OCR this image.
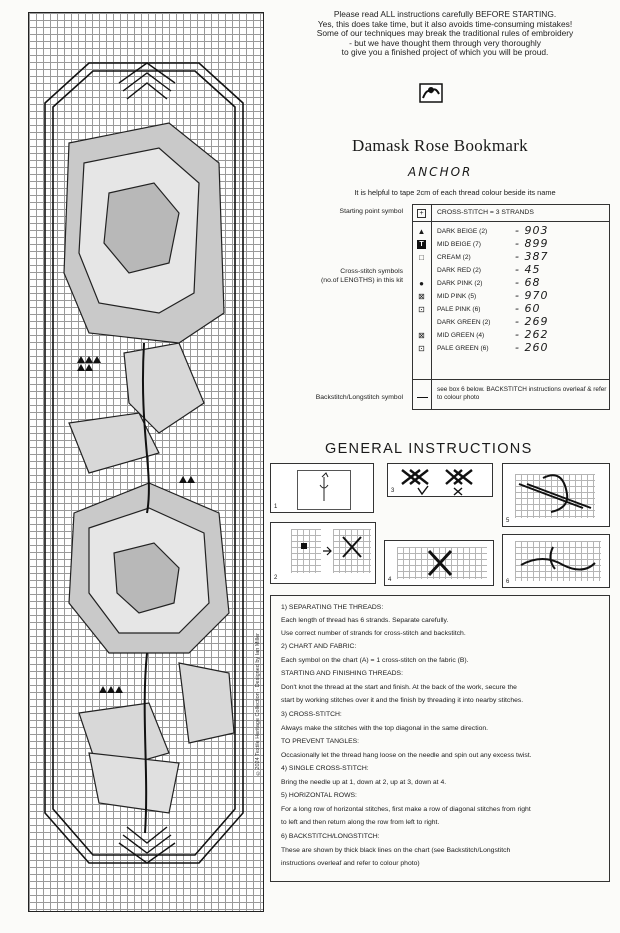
©2024 Textile Heritage Collection · Designed by Ian Miller
Please read ALL instructions carefully BEFORE STARTING.
Yes, this does take time, but it also avoids time-consuming mistakes!
Some of our techniques may break the traditional rules of embroidery
- but we have thought them through very thoroughly
to give you a finished project of which you will be proud.
Damask Rose Bookmark
ANCHOR
It is helpful to tape 2cm of each thread colour beside its name
Starting point symbol
Cross-stitch symbols
(no.of LENGTHS) in this kit
Backstitch/Longstitch symbol
+	CROSS-STITCH = 3 STRANDS
▲ DARK BEIGE (2)	- 903
T	MID BEIGE (7)	- 899
□	CREAM (2)	- 387
DARK RED (2)	- 45
●	DARK PINK (2)	- 68
⊠ MID PINK (5)	- 970
⊡ PALE PINK (6)	- 60
DARK GREEN (2) - 269
⊠ MID GREEN (4)	- 262
⊡ PALE GREEN (6) - 260
see box 6 below. BACKSTITCH instructions overleaf & refer to colour photo
GENERAL INSTRUCTIONS
1
3
5
2	4	6
1) SEPARATING THE THREADS:
Each length of thread has 6 strands. Separate carefully.
Use correct number of strands for cross-stitch and backstitch.
2) CHART AND FABRIC:
Each symbol on the chart (A) = 1 cross-stitch on the fabric (B).
STARTING AND FINISHING THREADS:
Don't knot the thread at the start and finish. At the back of the work, secure the
start by working stitches over it and the finish by threading it into nearby stitches.
3) CROSS-STITCH:
Always make the stitches with the top diagonal in the same direction.
TO PREVENT TANGLES:
Occasionally let the thread hang loose on the needle and spin out any excess twist.
4) SINGLE CROSS-STITCH:
Bring the needle up at 1, down at 2, up at 3, down at 4.
5) HORIZONTAL ROWS:
For a long row of horizontal stitches, first make a row of diagonal stitches from right
to left and then return along the row from left to right.
6) BACKSTITCH/LONGSTITCH:
These are shown by thick black lines on the chart (see Backstitch/Longstitch
instructions overleaf and refer to colour photo)
